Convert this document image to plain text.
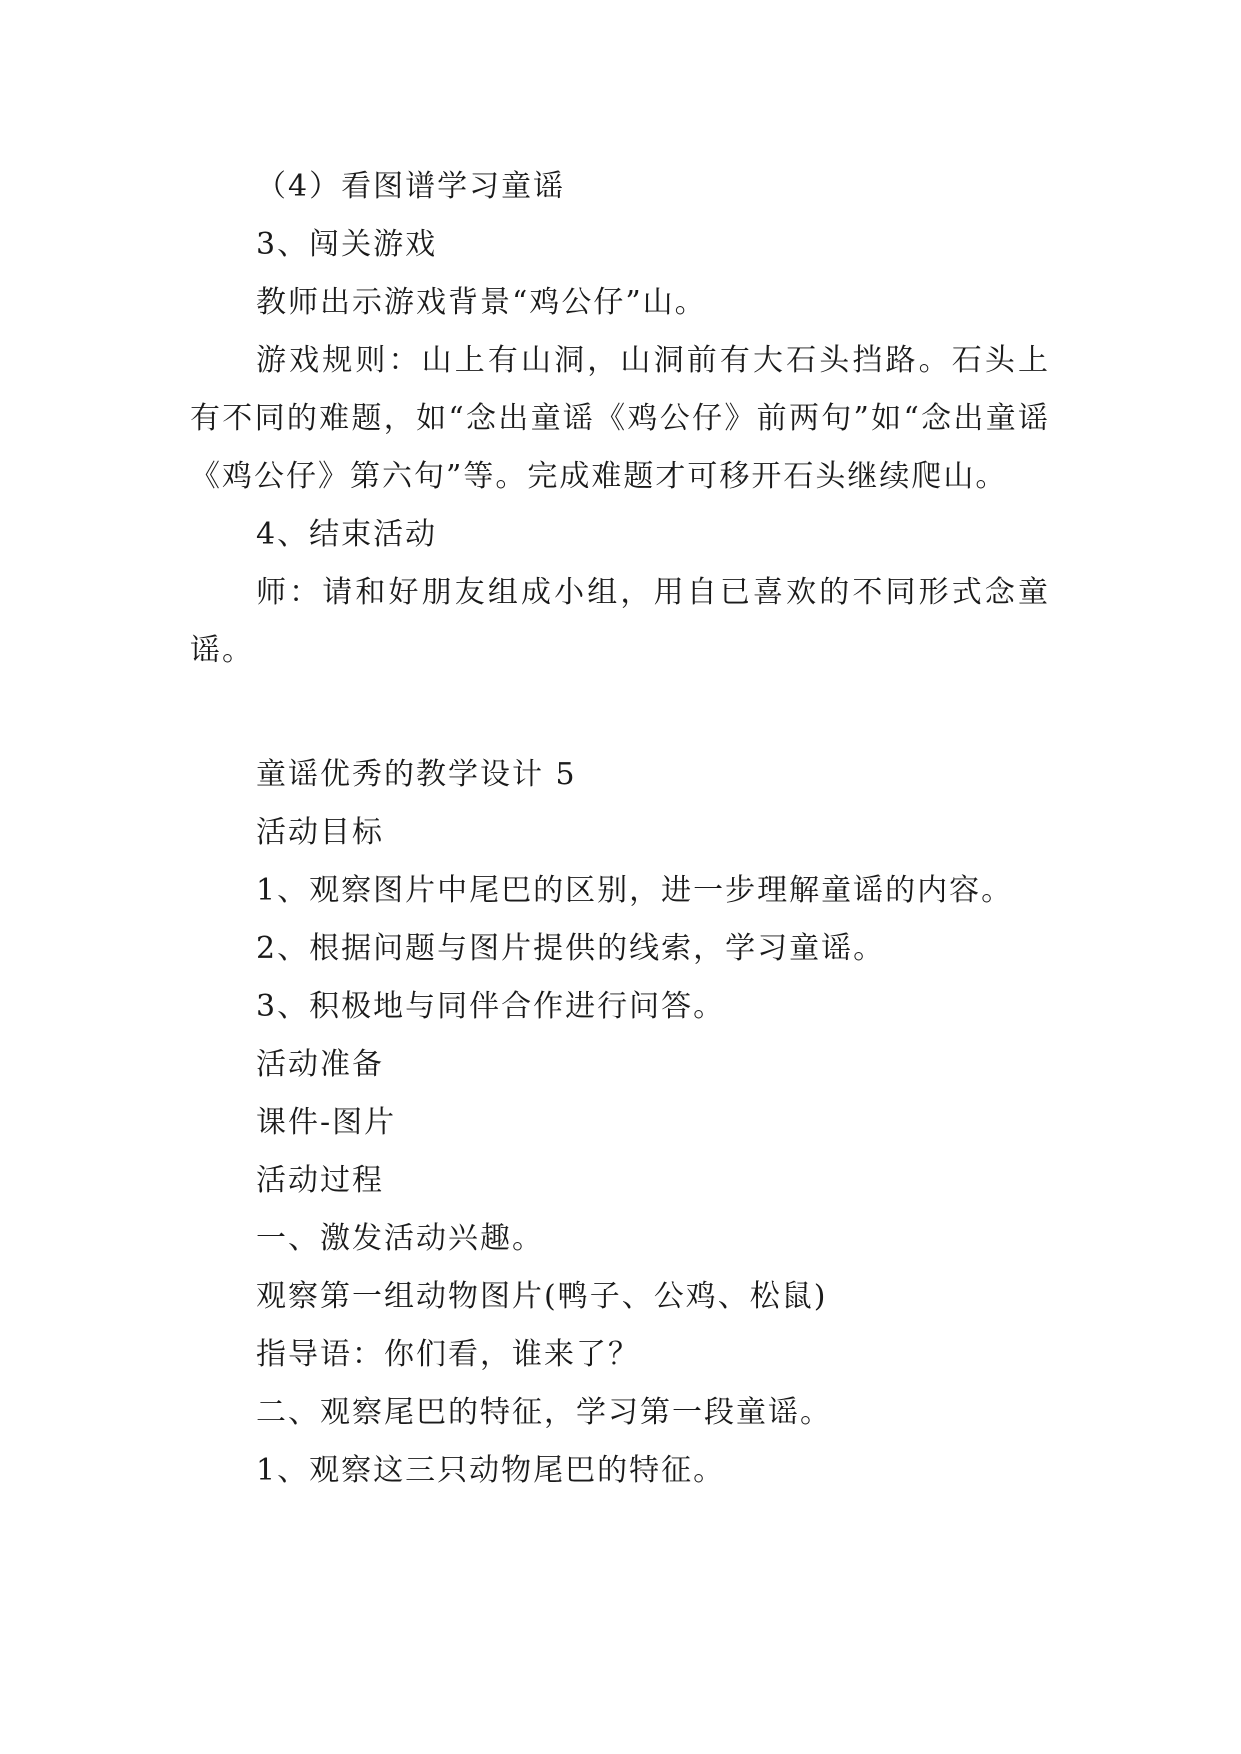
（4）看图谱学习童谣
3、闯关游戏
教师出示游戏背景“鸡公仔”山。
游戏规则：山上有山洞，山洞前有大石头挡路。石头上有不同的难题，如“念出童谣《鸡公仔》前两句”如“念出童谣《鸡公仔》第六句”等。完成难题才可移开石头继续爬山。
4、结束活动
师：请和好朋友组成小组，用自已喜欢的不同形式念童谣。
童谣优秀的教学设计 5
活动目标
1、观察图片中尾巴的区别，进一步理解童谣的内容。
2、根据问题与图片提供的线索，学习童谣。
3、积极地与同伴合作进行问答。
活动准备
课件-图片
活动过程
一、激发活动兴趣。
观察第一组动物图片(鸭子、公鸡、松鼠)
指导语：你们看，谁来了？
二、观察尾巴的特征，学习第一段童谣。
1、观察这三只动物尾巴的特征。
